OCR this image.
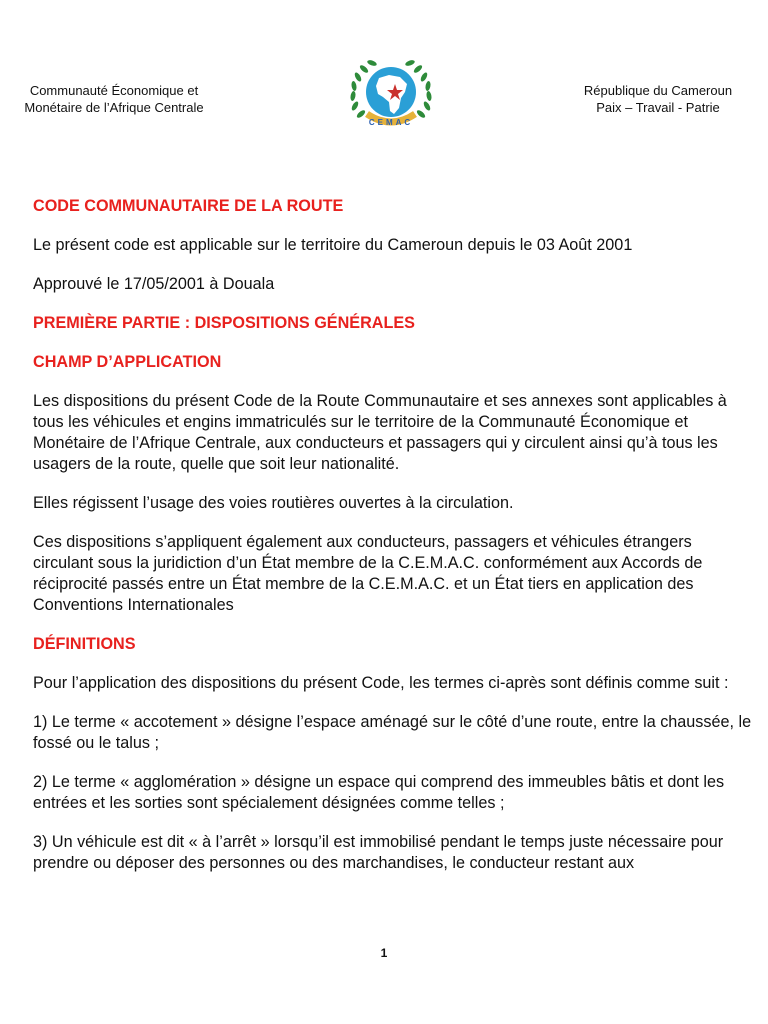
Communauté Économique et
Monétaire de l’Afrique Centrale
CEMAC
République du Cameroun
Paix – Travail - Patrie

CODE COMMUNAUTAIRE DE LA ROUTE

Le présent code est applicable sur le territoire du Cameroun depuis le 03 Août 2001

Approuvé le 17/05/2001 à Douala

PREMIÈRE PARTIE : DISPOSITIONS GÉNÉRALES

CHAMP D’APPLICATION

Les dispositions du présent Code de la Route Communautaire et ses annexes sont applicables à tous les véhicules et engins immatriculés sur le territoire de la Communauté Économique et Monétaire de l’Afrique Centrale, aux conducteurs et passagers qui y circulent ainsi qu’à tous les usagers de la route, quelle que soit leur nationalité.

Elles régissent l’usage des voies routières ouvertes à la circulation.

Ces dispositions s’appliquent également aux conducteurs, passagers et véhicules étrangers circulant sous la juridiction d’un État membre de la C.E.M.A.C. conformément aux Accords de réciprocité passés entre un État membre de la C.E.M.A.C. et un État tiers en application des Conventions Internationales

DÉFINITIONS

Pour l’application des dispositions du présent Code, les termes ci-après sont définis comme suit :

1) Le terme « accotement » désigne l’espace aménagé sur le côté d’une route, entre la chaussée, le fossé ou le talus ;

2) Le terme « agglomération » désigne un espace qui comprend des immeubles bâtis et dont les entrées et les sorties sont spécialement désignées comme telles ;

3) Un véhicule est dit « à l’arrêt » lorsqu’il est immobilisé pendant le temps juste nécessaire pour prendre ou déposer des personnes ou des marchandises, le conducteur restant aux

1
